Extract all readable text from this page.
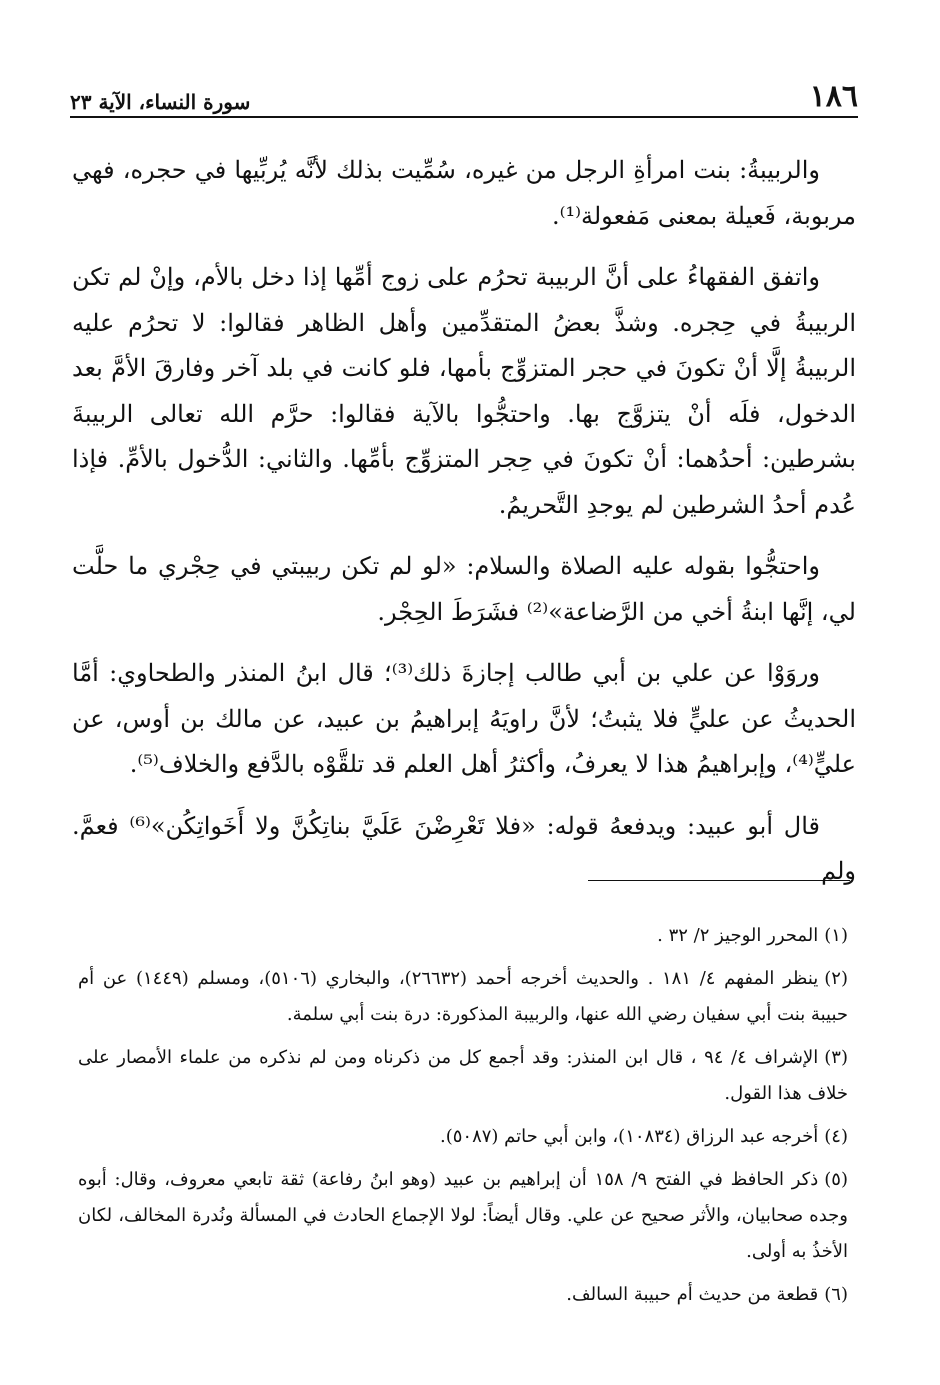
١٨٦
سورة النساء، الآية ٢٣

والربيبةُ: بنت امرأةِ الرجل من غيره، سُمِّيت بذلك لأنَّه يُربِّيها في حجره، فهي مربوبة، فَعيلة بمعنى مَفعولة⁽¹⁾.

واتفق الفقهاءُ على أنَّ الربيبة تحرُم على زوج أمِّها إذا دخل بالأم، وإنْ لم تكن الربيبةُ في حِجره. وشذَّ بعضُ المتقدِّمين وأهل الظاهر فقالوا: لا تحرُم عليه الربيبةُ إلَّا أنْ تكونَ في حجر المتزوِّج بأمها، فلو كانت في بلد آخر وفارقَ الأمَّ بعد الدخول، فلَه أنْ يتزوَّج بها. واحتجُّوا بالآية فقالوا: حرَّم الله تعالى الربيبةَ بشرطين: أحدُهما: أنْ تكونَ في حِجر المتزوِّج بأمِّها. والثاني: الدُّخول بالأمِّ. فإذا عُدم أحدُ الشرطين لم يوجدِ التَّحريمُ.

واحتجُّوا بقوله عليه الصلاة والسلام: «لو لم تكن ربيبتي في حِجْري ما حلَّت لي، إنَّها ابنةُ أخي من الرَّضاعة»⁽²⁾ فشَرَطَ الحِجْر.

وروَوْا عن علي بن أبي طالب إجازةَ ذلك⁽³⁾؛ قال ابنُ المنذر والطحاوي: أمَّا الحديثُ عن عليٍّ فلا يثبتُ؛ لأنَّ راويَهُ إبراهيمُ بن عبيد، عن مالك بن أوس، عن عليٍّ⁽⁴⁾، وإبراهيمُ هذا لا يعرفُ، وأكثرُ أهل العلم قد تلقَّوْه بالدَّفع والخلاف⁽⁵⁾.

قال أبو عبيد: ويدفعهُ قوله: «فلا تَعْرِضْنَ عَلَيَّ بناتِكُنَّ ولا أَخَواتِكُن»⁽⁶⁾ فعمَّ. ولم

(١)المحرر الوجيز ٢/ ٣٢ .
(٢)ينظر المفهم ٤/ ١٨١ . والحديث أخرجه أحمد (٢٦٦٣٢)، والبخاري (٥١٠٦)، ومسلم (١٤٤٩) عن أم حبيبة بنت أبي سفيان رضي الله عنها، والربيبة المذكورة: درة بنت أبي سلمة.
(٣)الإشراف ٤/ ٩٤ ، قال ابن المنذر: وقد أجمع كل من ذكرناه ومن لم نذكره من علماء الأمصار على خلاف هذا القول.
(٤)أخرجه عبد الرزاق (١٠٨٣٤)، وابن أبي حاتم (٥٠٨٧).
(٥)ذكر الحافظ في الفتح ٩/ ١٥٨ أن إبراهيم بن عبيد (وهو ابنُ رفاعة) ثقة تابعي معروف، وقال: أبوه وجده صحابيان، والأثر صحيح عن علي. وقال أيضاً: لولا الإجماع الحادث في المسألة ونُدرة المخالف، لكان الأخذُ به أولى.
(٦)قطعة من حديث أم حبيبة السالف.
